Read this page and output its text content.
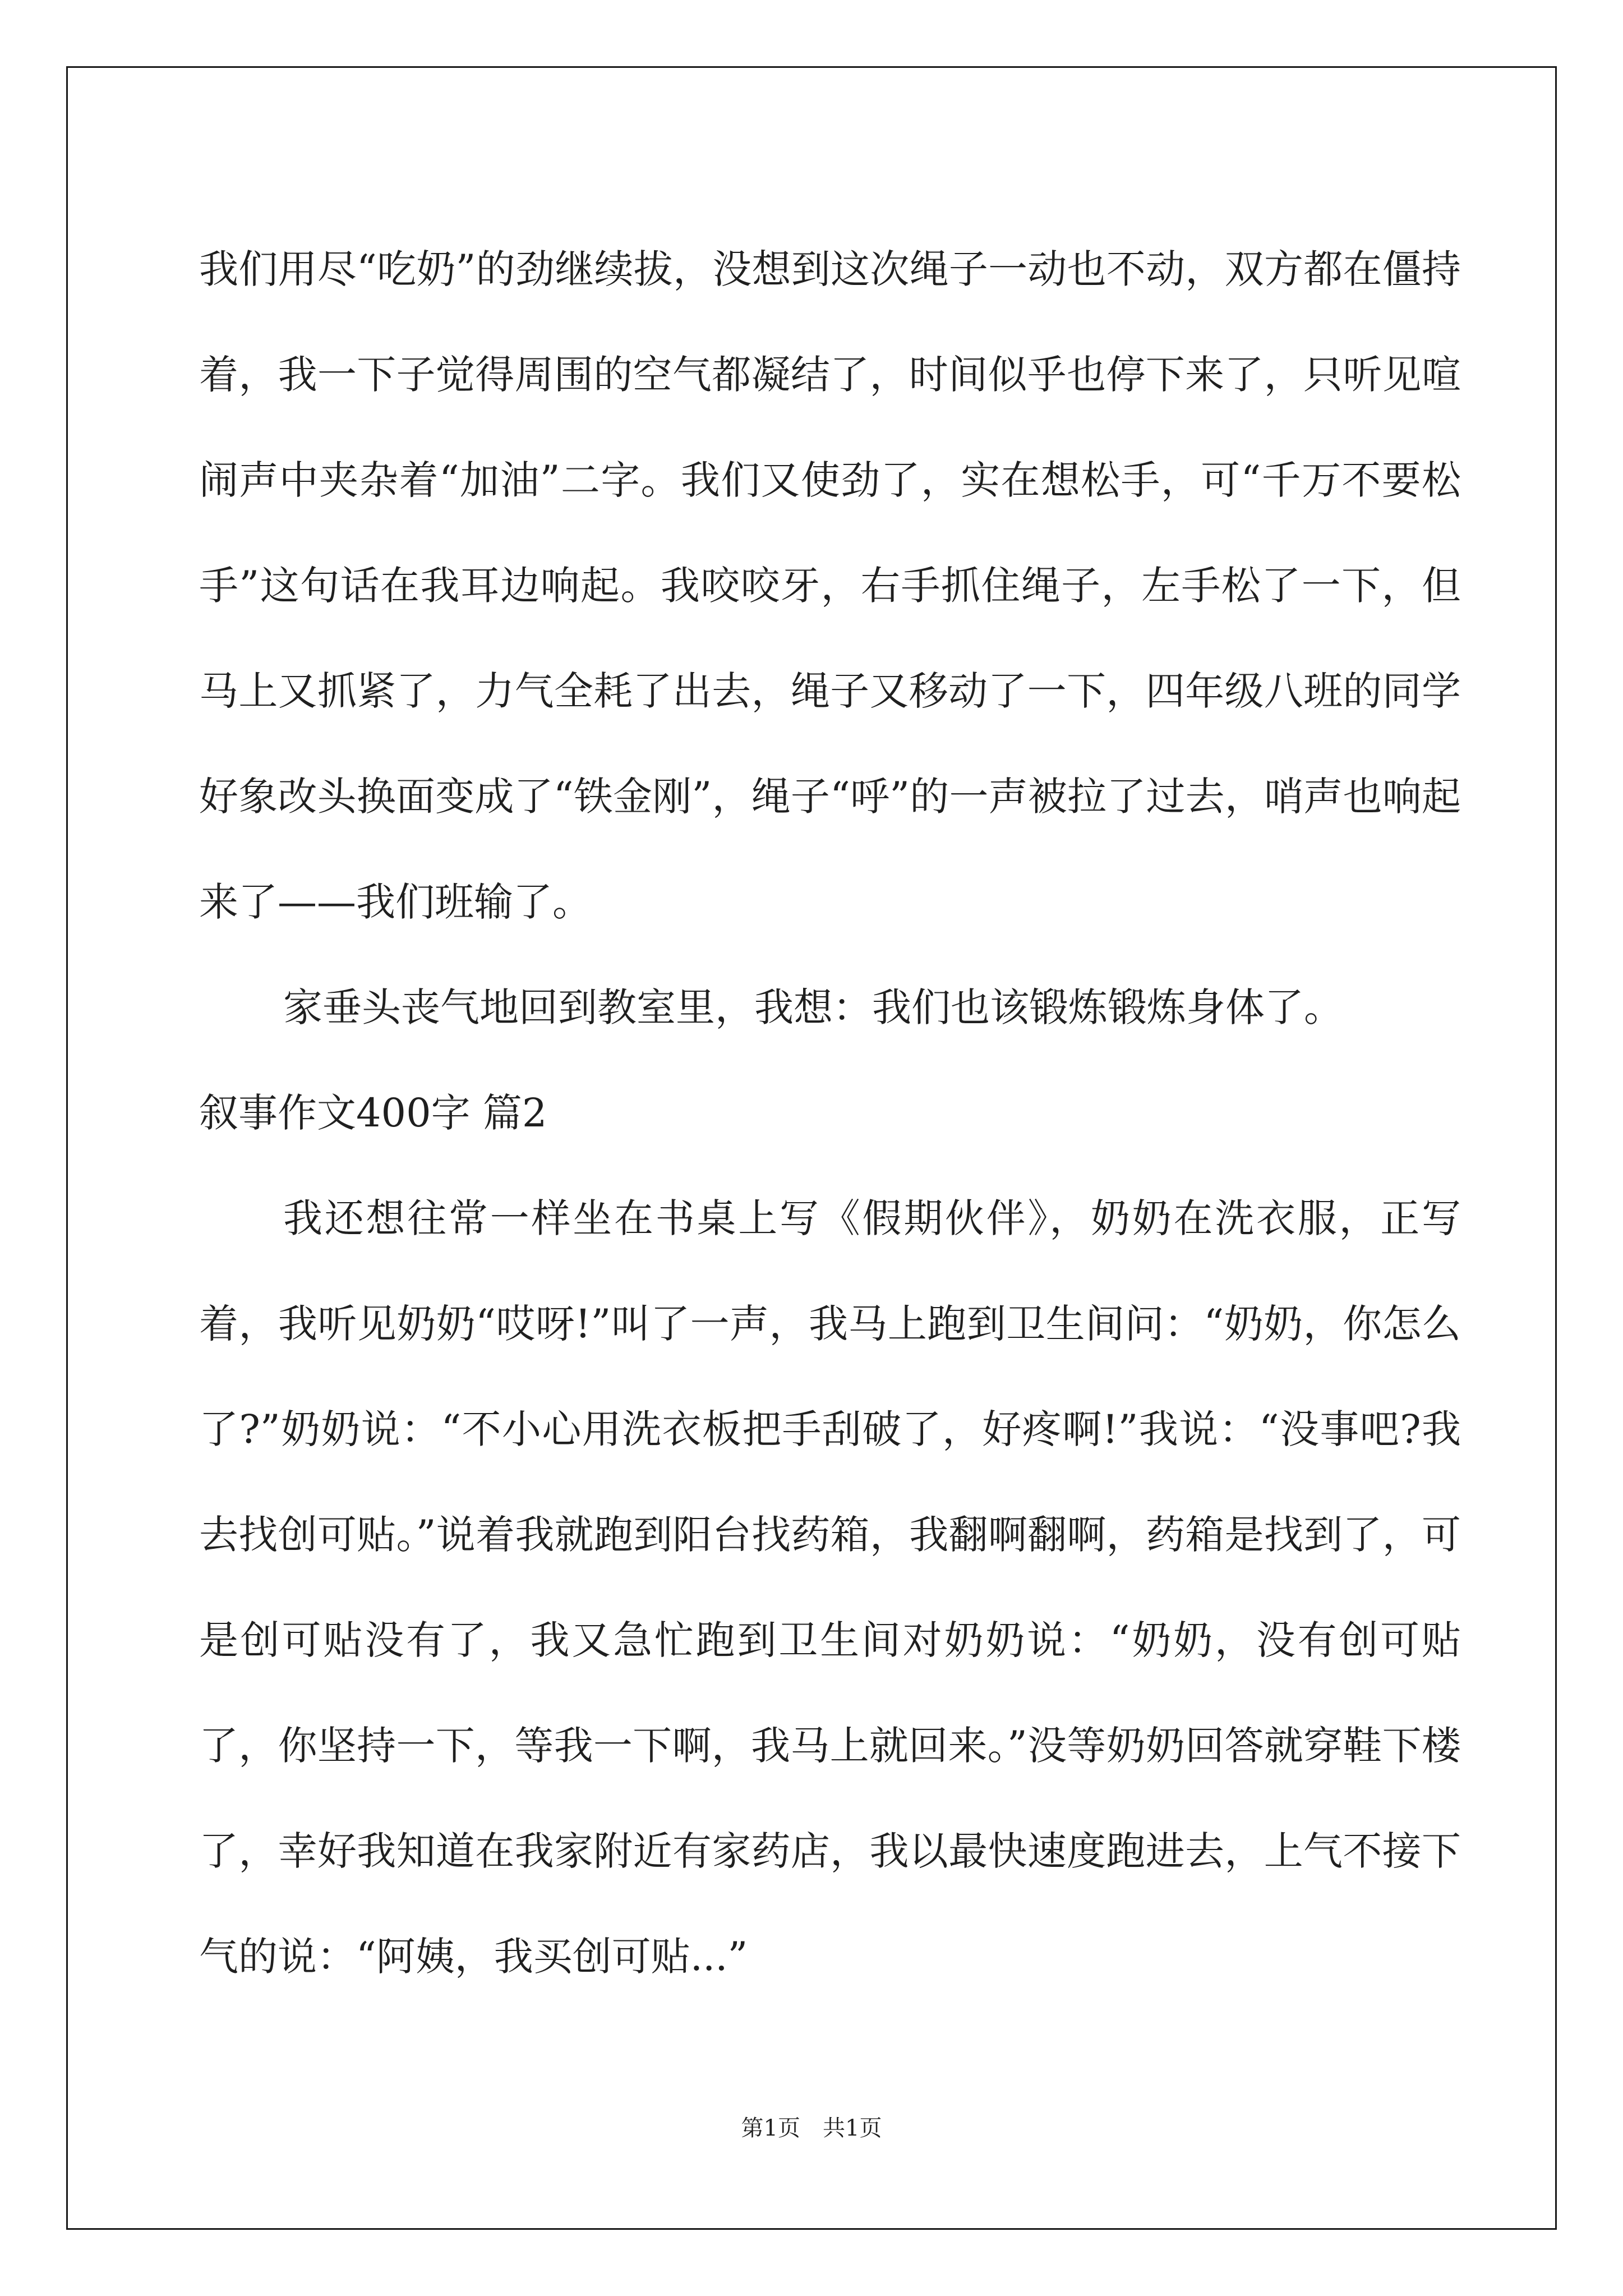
我们用尽“吃奶”的劲继续拔，没想到这次绳子一动也不动，双方都在僵持着，我一下子觉得周围的空气都凝结了，时间似乎也停下来了，只听见喧闹声中夹杂着“加油”二字。我们又使劲了，实在想松手，可“千万不要松手”这句话在我耳边响起。我咬咬牙，右手抓住绳子，左手松了一下，但马上又抓紧了，力气全耗了出去，绳子又移动了一下，四年级八班的同学好象改头换面变成了“铁金刚”，绳子“呼”的一声被拉了过去，哨声也响起来了——我们班输了。

家垂头丧气地回到教室里，我想：我们也该锻炼锻炼身体了。

叙事作文400字 篇2

我还想往常一样坐在书桌上写《假期伙伴》，奶奶在洗衣服，正写着，我听见奶奶“哎呀!”叫了一声，我马上跑到卫生间问：“奶奶，你怎么了?”奶奶说：“不小心用洗衣板把手刮破了，好疼啊!”我说：“没事吧?我去找创可贴。”说着我就跑到阳台找药箱，我翻啊翻啊，药箱是找到了，可是创可贴没有了，我又急忙跑到卫生间对奶奶说：“奶奶，没有创可贴了，你坚持一下，等我一下啊，我马上就回来。”没等奶奶回答就穿鞋下楼了，幸好我知道在我家附近有家药店，我以最快速度跑进去，上气不接下气的说：“阿姨，我买创可贴...”

第1页　共1页
